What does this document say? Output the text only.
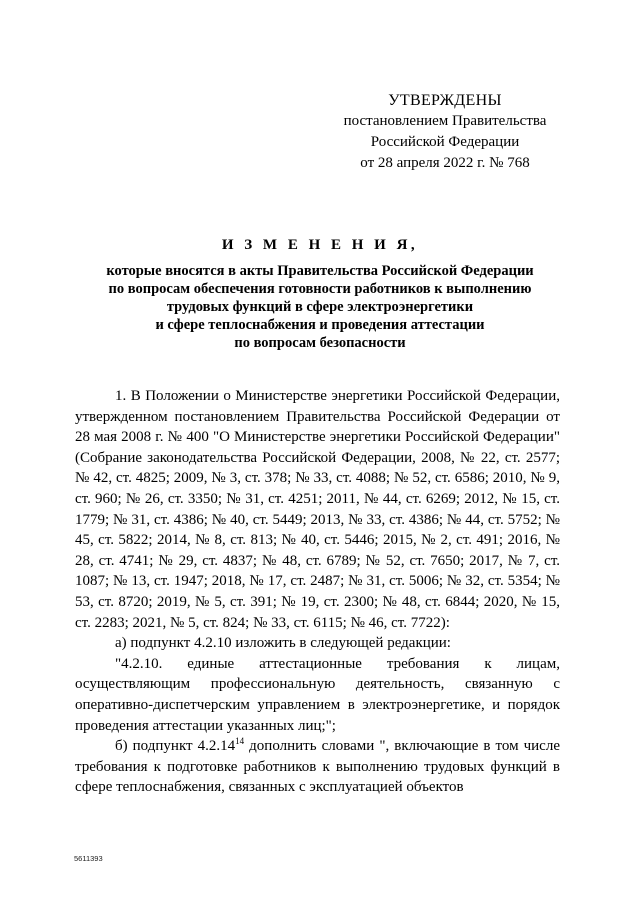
УТВЕРЖДЕНЫ
постановлением Правительства
Российской Федерации
от 28 апреля 2022 г. № 768
И З М Е Н Е Н И Я,
которые вносятся в акты Правительства Российской Федерации
по вопросам обеспечения готовности работников к выполнению
трудовых функций в сфере электроэнергетики
и сфере теплоснабжения и проведения аттестации
по вопросам безопасности

1. В Положении о Министерстве энергетики Российской Федерации, утвержденном постановлением Правительства Российской Федерации от 28 мая 2008 г. № 400 "О Министерстве энергетики Российской Федерации" (Собрание законодательства Российской Федерации, 2008, № 22, ст. 2577; № 42, ст. 4825; 2009, № 3, ст. 378; № 33, ст. 4088; № 52, ст. 6586; 2010, № 9, ст. 960; № 26, ст. 3350; № 31, ст. 4251; 2011, № 44, ст. 6269; 2012, № 15, ст. 1779; № 31, ст. 4386; № 40, ст. 5449; 2013, № 33, ст. 4386; № 44, ст. 5752; № 45, ст. 5822; 2014, № 8, ст. 813; № 40, ст. 5446; 2015, № 2, ст. 491; 2016, № 28, ст. 4741; № 29, ст. 4837; № 48, ст. 6789; № 52, ст. 7650; 2017, № 7, ст. 1087; № 13, ст. 1947; 2018, № 17, ст. 2487; № 31, ст. 5006; № 32, ст. 5354; № 53, ст. 8720; 2019, № 5, ст. 391; № 19, ст. 2300; № 48, ст. 6844; 2020, № 15, ст. 2283; 2021, № 5, ст. 824; № 33, ст. 6115; № 46, ст. 7722):

а) подпункт 4.2.10 изложить в следующей редакции:

"4.2.10. единые аттестационные требования к лицам, осуществляющим профессиональную деятельность, связанную с оперативно-диспетчерским управлением в электроэнергетике, и порядок проведения аттестации указанных лиц;";

б) подпункт 4.2.14$^{14}$ дополнить словами ", включающие в том числе требования к подготовке работников к выполнению трудовых функций в сфере теплоснабжения, связанных с эксплуатацией объектов

5611393
